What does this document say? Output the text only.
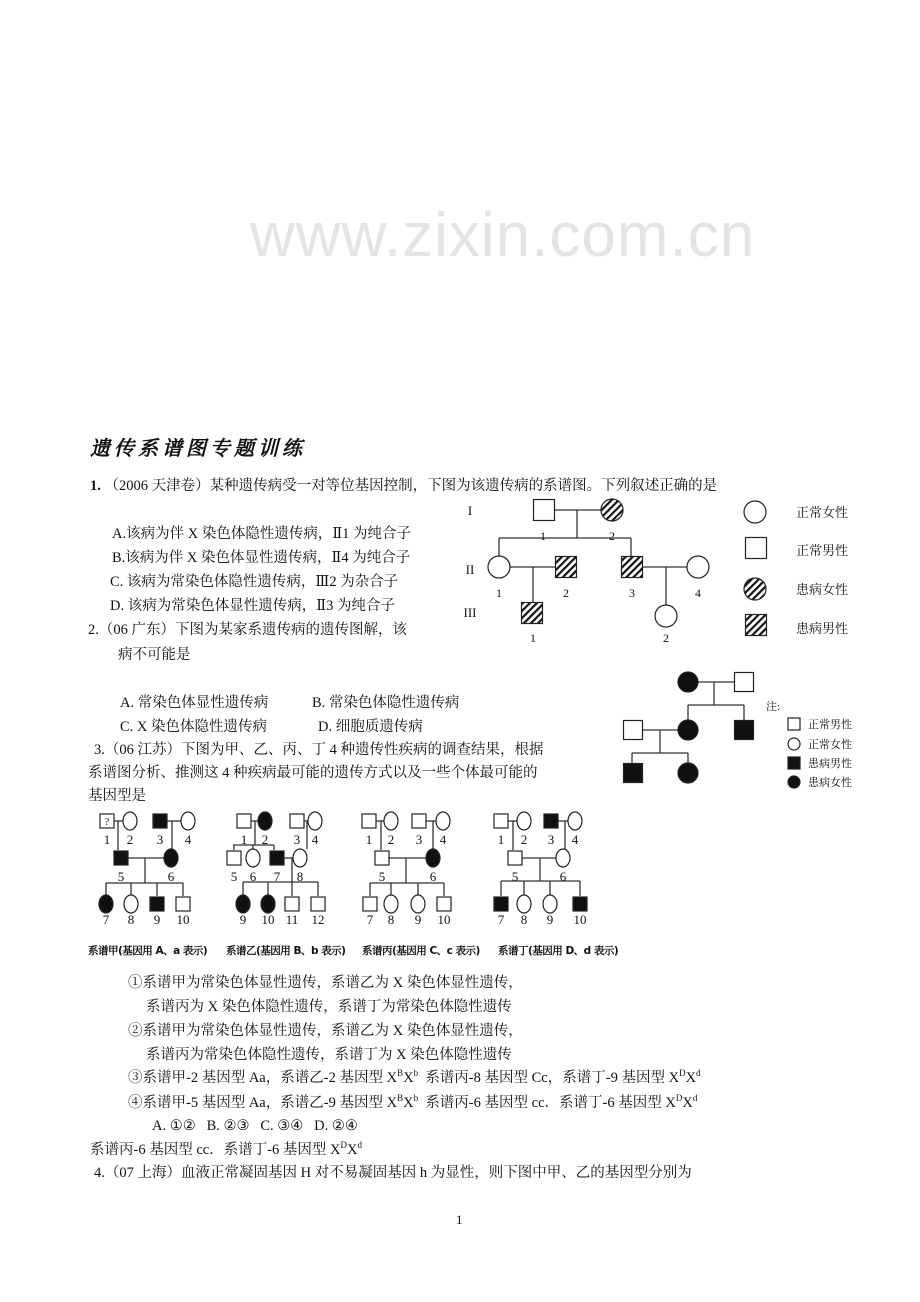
www.zixin.com.cn
遗传系谱图专题训练
1. （2006 天津卷）某种遗传病受一对等位基因控制，下图为该遗传病的系谱图。下列叙述正确的是
A.该病为伴 X 染色体隐性遗传病，Ⅱ1 为纯合子
B.该病为伴 X 染色体显性遗传病，Ⅱ4 为纯合子
C. 该病为常染色体隐性遗传病，Ⅲ2 为杂合子
D. 该病为常染色体显性遗传病，Ⅱ3 为纯合子
2.（06 广东）下图为某家系遗传病的遗传图解，该
病不可能是
A. 常染色体显性遗传病	B. 常染色体隐性遗传病
C. X 染色体隐性遗传病	D. 细胞质遗传病
3.（06 江苏）下图为甲、乙、丙、丁 4 种遗传性疾病的调查结果，根据
系谱图分析、推测这 4 种疾病最可能的遗传方式以及一些个体最可能的
基因型是
系谱甲(基因用 A、a 表示)	系谱乙(基因用 B、b 表示)	系谱丙(基因用 C、c 表示)	系谱丁(基因用 D、d 表示)
①系谱甲为常染色体显性遗传，系谱乙为 X 染色体显性遗传，
系谱丙为 X 染色体隐性遗传，系谱丁为常染色体隐性遗传
②系谱甲为常染色体显性遗传，系谱乙为 X 染色体显性遗传，
系谱丙为常染色体隐性遗传，系谱丁为 X 染色体隐性遗传
③系谱甲-2 基因型 Aa，系谱乙-2 基因型 $X^BX^b$  系谱丙-8 基因型 Cc，系谱丁-9 基因型 $X^DX^d$
④系谱甲-5 基因型 Aa，系谱乙-9 基因型 $X^BX^b$  系谱丙-6 基因型 cc．系谱丁-6 基因型 $X^DX^d$
A. ①②   B. ②③   C. ③④   D. ②④
系谱丙-6 基因型 cc．系谱丁-6 基因型 $X^DX^d$
4.（07 上海）血液正常凝固基因 H 对不易凝固基因 h 为显性，则下图中甲、乙的基因型分别为
1
I
II
III
1	2
1	2	3	4
1	2
正常女性
正常男性
患病女性
患病男性
注:
正常男性
正常女性
患病男性
患病女性
?
1 2 3 4
5	6
7 8 9 10
1 2 3 4
5 6 7 8
9 10 11 12
1 2 3 4
5	6
7 8 9 10
1 2 3 4
5	6
7 8 9 10
